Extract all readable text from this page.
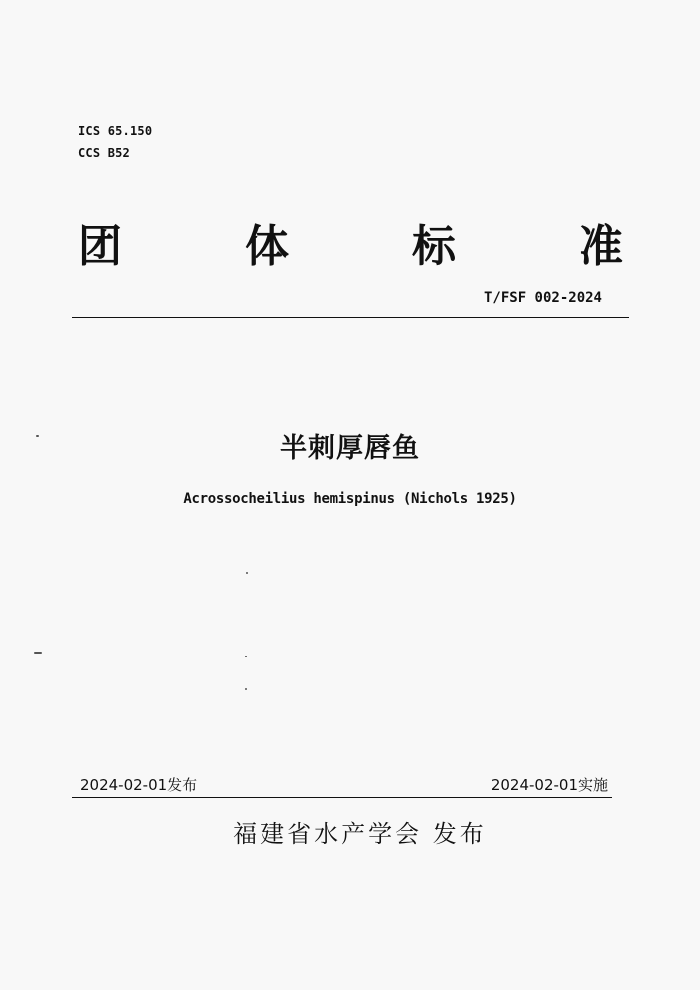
ICS 65.150
CCS B52
团	体	标	准
T/FSF 002-2024
半刺厚唇鱼
Acrossocheilius hemispinus (Nichols 1925)
2024-02-01发布	2024-02-01实施
福建省水产学会 发布
